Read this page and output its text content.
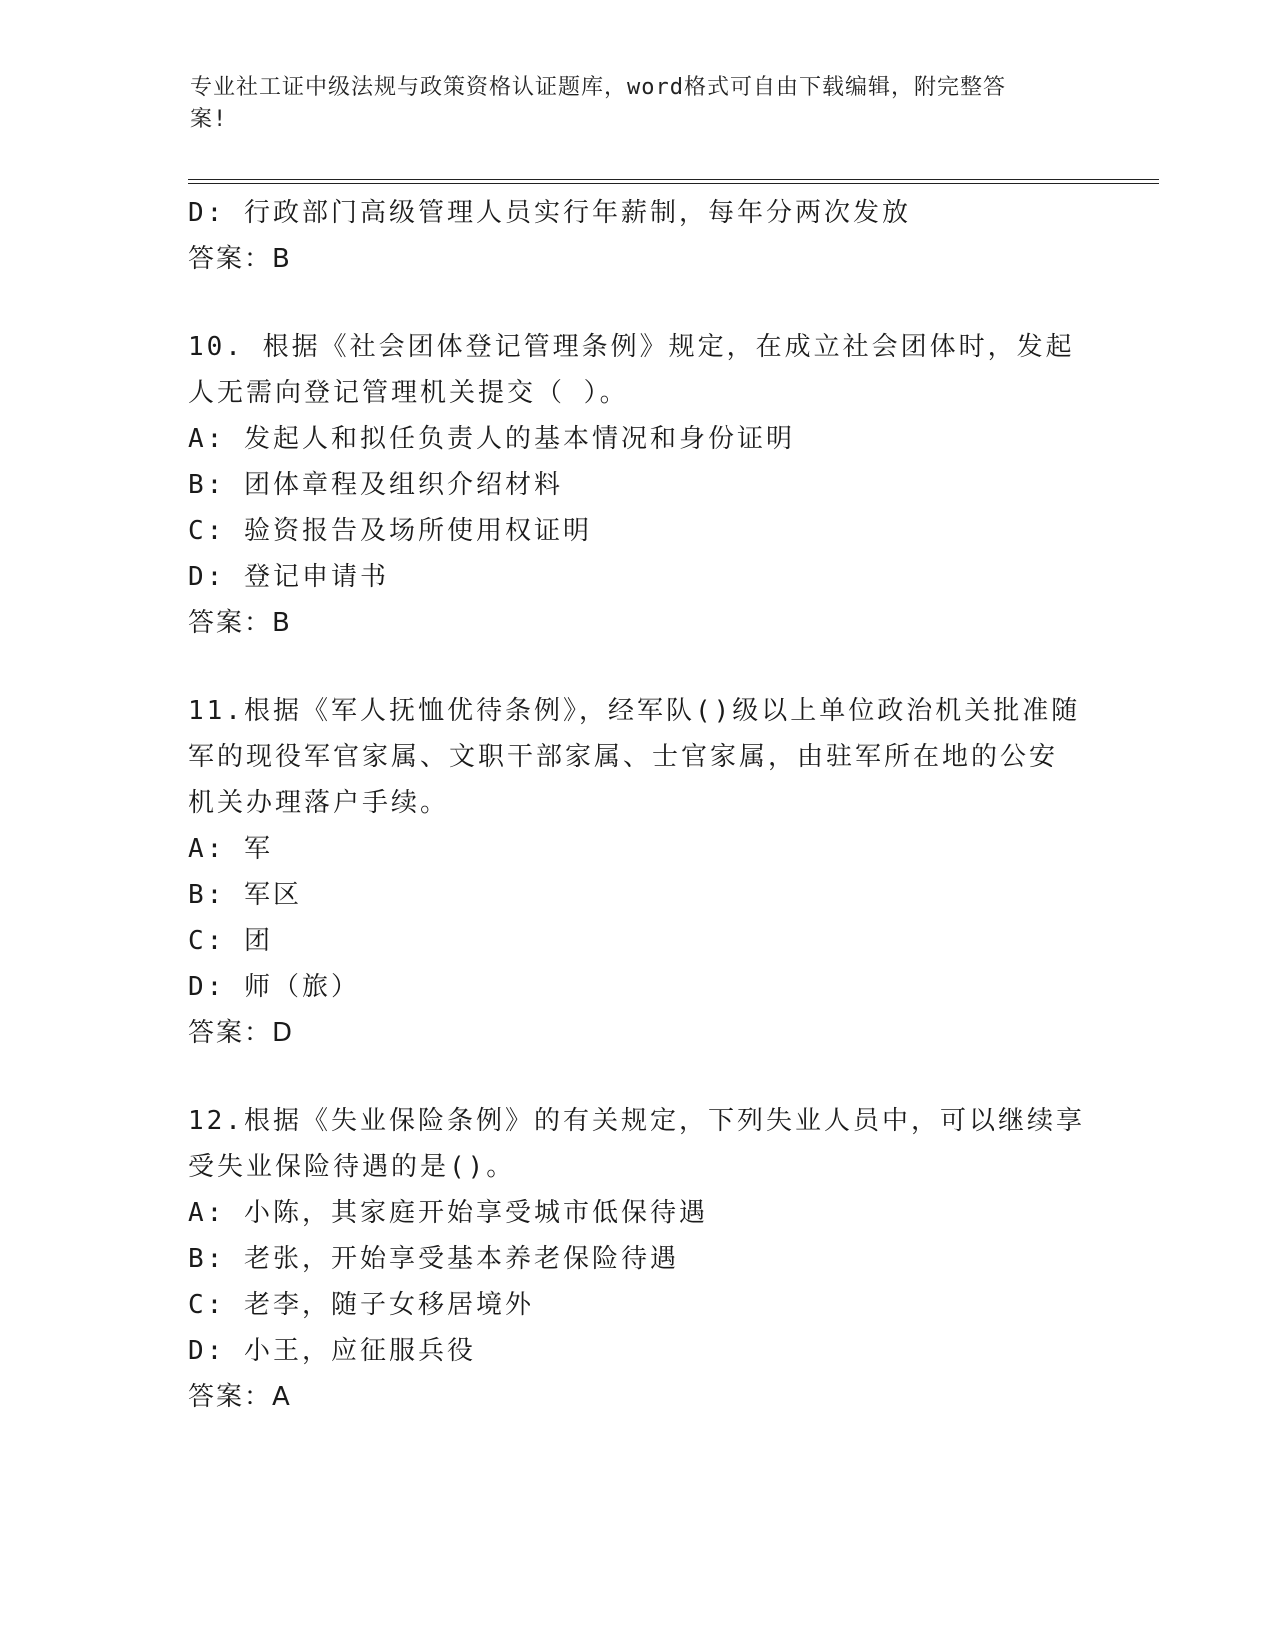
专业社工证中级法规与政策资格认证题库，word格式可自由下载编辑，附完整答
案!
D: 行政部门高级管理人员实行年薪制，每年分两次发放
答案：B
10. 根据《社会团体登记管理条例》规定，在成立社会团体时，发起
人无需向登记管理机关提交（ ）。
A: 发起人和拟任负责人的基本情况和身份证明
B: 团体章程及组织介绍材料
C: 验资报告及场所使用权证明
D: 登记申请书
答案：B
11.根据《军人抚恤优待条例》，经军队()级以上单位政治机关批准随
军的现役军官家属、文职干部家属、士官家属，由驻军所在地的公安
机关办理落户手续。
A: 军
B: 军区
C: 团
D: 师（旅）
答案：D
12.根据《失业保险条例》的有关规定，下列失业人员中，可以继续享
受失业保险待遇的是()。
A: 小陈，其家庭开始享受城市低保待遇
B: 老张，开始享受基本养老保险待遇
C: 老李，随子女移居境外
D: 小王，应征服兵役
答案：A
